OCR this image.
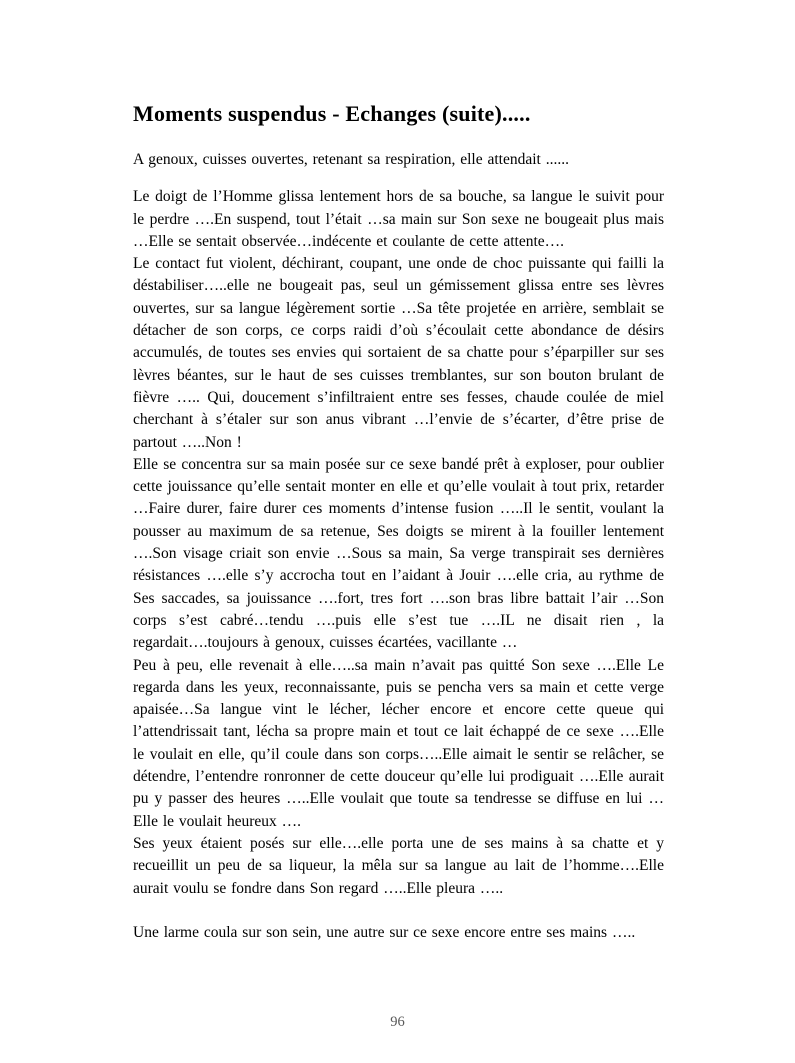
Moments suspendus - Echanges (suite).....

A genoux, cuisses ouvertes, retenant sa respiration, elle attendait ......

Le doigt de l’Homme glissa lentement hors de sa bouche, sa langue le suivit pour le perdre ….En suspend, tout l’était …sa main sur Son sexe ne bougeait plus mais …Elle se sentait observée…indécente et coulante de cette attente….

Le contact fut violent, déchirant, coupant, une onde de choc puissante qui failli la déstabiliser…..elle ne bougeait pas, seul un gémissement glissa entre ses lèvres ouvertes, sur sa langue légèrement sortie …Sa tête projetée en arrière, semblait se détacher de son corps, ce corps raidi d’où s’écoulait cette abondance de désirs accumulés, de toutes ses envies qui sortaient de sa chatte pour s’éparpiller sur ses lèvres béantes, sur le haut de ses cuisses tremblantes, sur son bouton brulant de fièvre ….. Qui, doucement s’infiltraient entre ses fesses, chaude coulée de miel cherchant à s’étaler sur son anus vibrant …l’envie de s’écarter, d’être prise de partout …..Non !

Elle se concentra sur sa main posée sur ce sexe bandé prêt à exploser, pour oublier cette jouissance qu’elle sentait monter en elle et qu’elle voulait à tout prix, retarder …Faire durer, faire durer ces moments d’intense fusion …..Il le sentit, voulant la pousser au maximum de sa retenue, Ses doigts se mirent à la fouiller lentement ….Son visage criait son envie …Sous sa main, Sa verge transpirait ses dernières résistances ….elle s’y accrocha tout en l’aidant à Jouir ….elle cria, au rythme de Ses saccades, sa jouissance ….fort, tres fort ….son bras libre battait l’air …Son corps s’est cabré…tendu ….puis elle s’est tue ….IL ne disait rien , la regardait….toujours à genoux, cuisses écartées, vacillante …

Peu à peu, elle revenait à elle…..sa main n’avait pas quitté Son sexe ….Elle Le regarda dans les yeux, reconnaissante, puis se pencha vers sa main et cette verge apaisée…Sa langue vint le lécher, lécher encore et encore cette queue qui l’attendrissait tant, lécha sa propre main et tout ce lait échappé de ce sexe ….Elle le voulait en elle, qu’il coule dans son corps…..Elle aimait le sentir se relâcher, se détendre, l’entendre ronronner de cette douceur qu’elle lui prodiguait ….Elle aurait pu y passer des heures …..Elle voulait que toute sa tendresse se diffuse en lui …Elle le voulait heureux ….

Ses yeux étaient posés sur elle….elle porta une de ses mains à sa chatte et y recueillit un peu de sa liqueur, la mêla sur sa langue au lait de l’homme….Elle aurait voulu se fondre dans Son regard …..Elle pleura …..

Une larme coula sur son sein, une autre sur ce sexe encore entre ses mains …..

96
